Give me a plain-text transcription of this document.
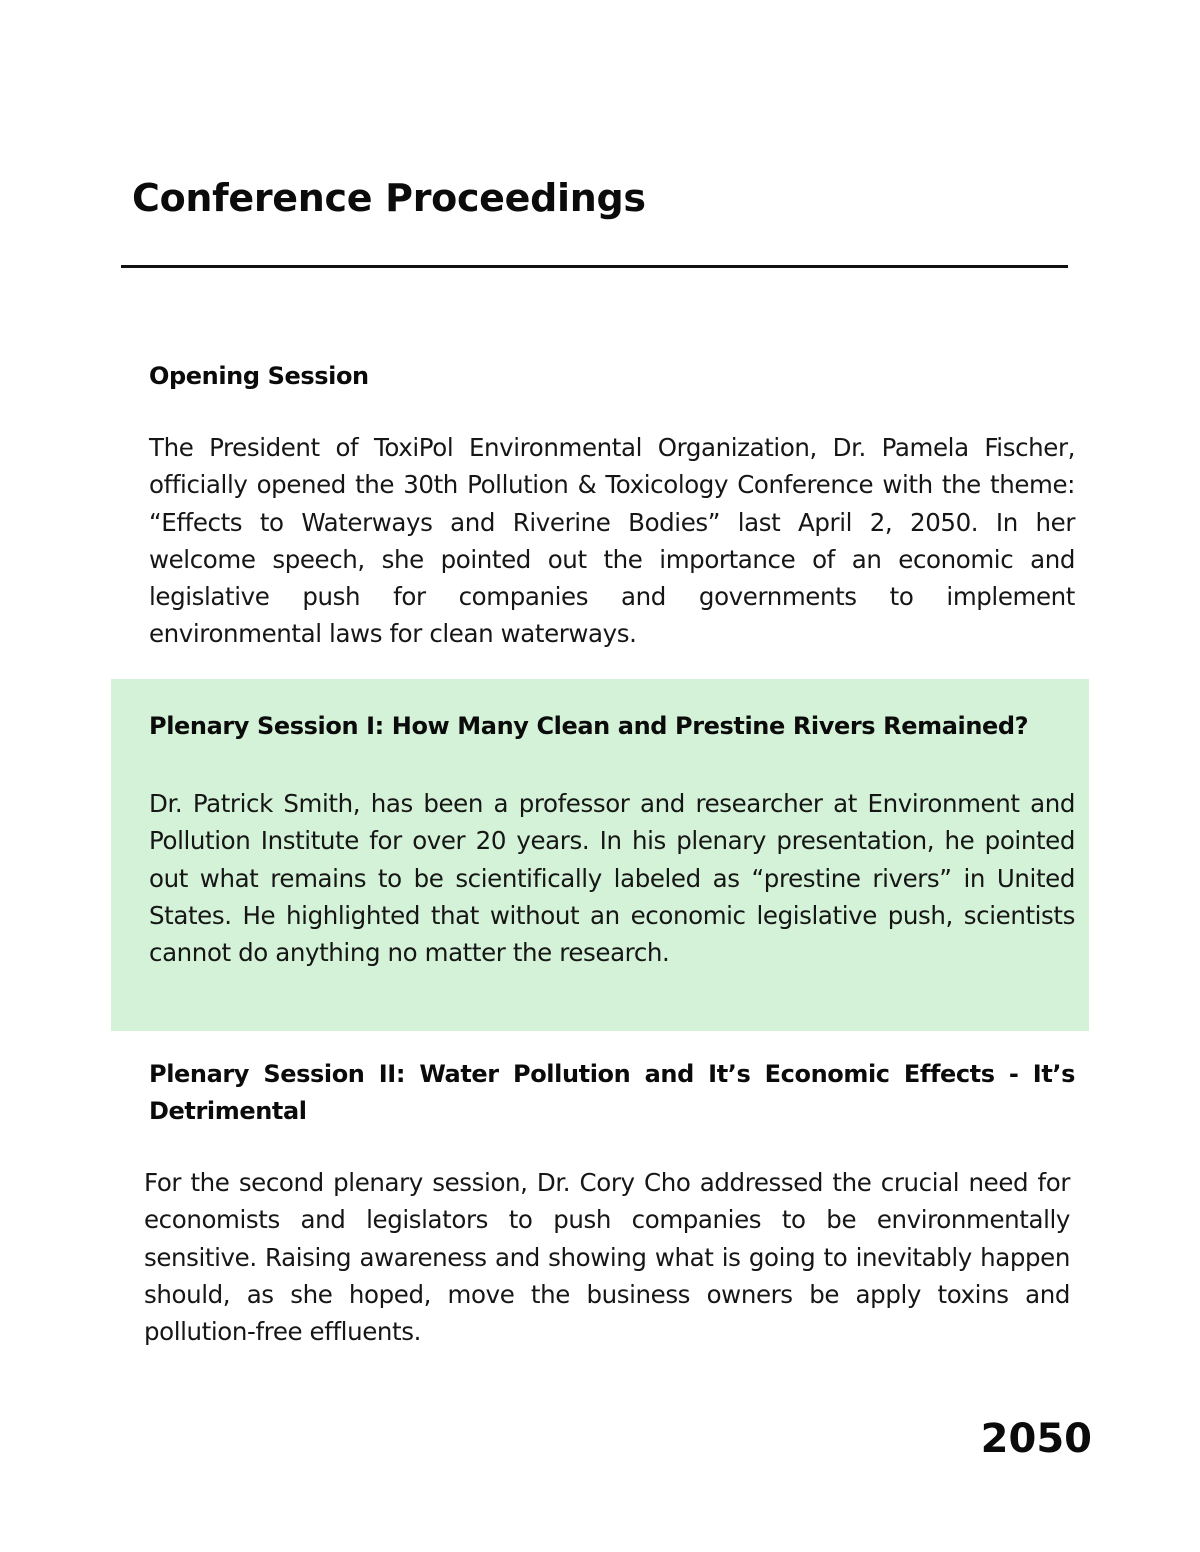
Conference Proceedings
Opening Session

The President of ToxiPol Environmental Organization, Dr. Pamela Fischer, officially opened the 30th Pollution & Toxicology Conference with the theme: “Effects to Waterways and Riverine Bodies” last April 2, 2050. In her welcome speech, she pointed out the importance of an economic and legislative push for companies and governments to implement environmental laws for clean waterways.

Plenary Session I: How Many Clean and Prestine Rivers Remained?

Dr. Patrick Smith, has been a professor and researcher at Environment and Pollution Institute for over 20 years. In his plenary presentation, he pointed out what remains to be scientifically labeled as “prestine rivers” in United States. He highlighted that without an economic legislative push, scientists cannot do anything no matter the research.

Plenary Session II: Water Pollution and It’s Economic Effects - It’s Detrimental

For the second plenary session, Dr. Cory Cho addressed the crucial need for economists and legislators to push companies to be environmentally sensitive. Raising awareness and showing what is going to inevitably happen should, as she hoped, move the business owners be apply toxins and pollution-free effluents.

2050
